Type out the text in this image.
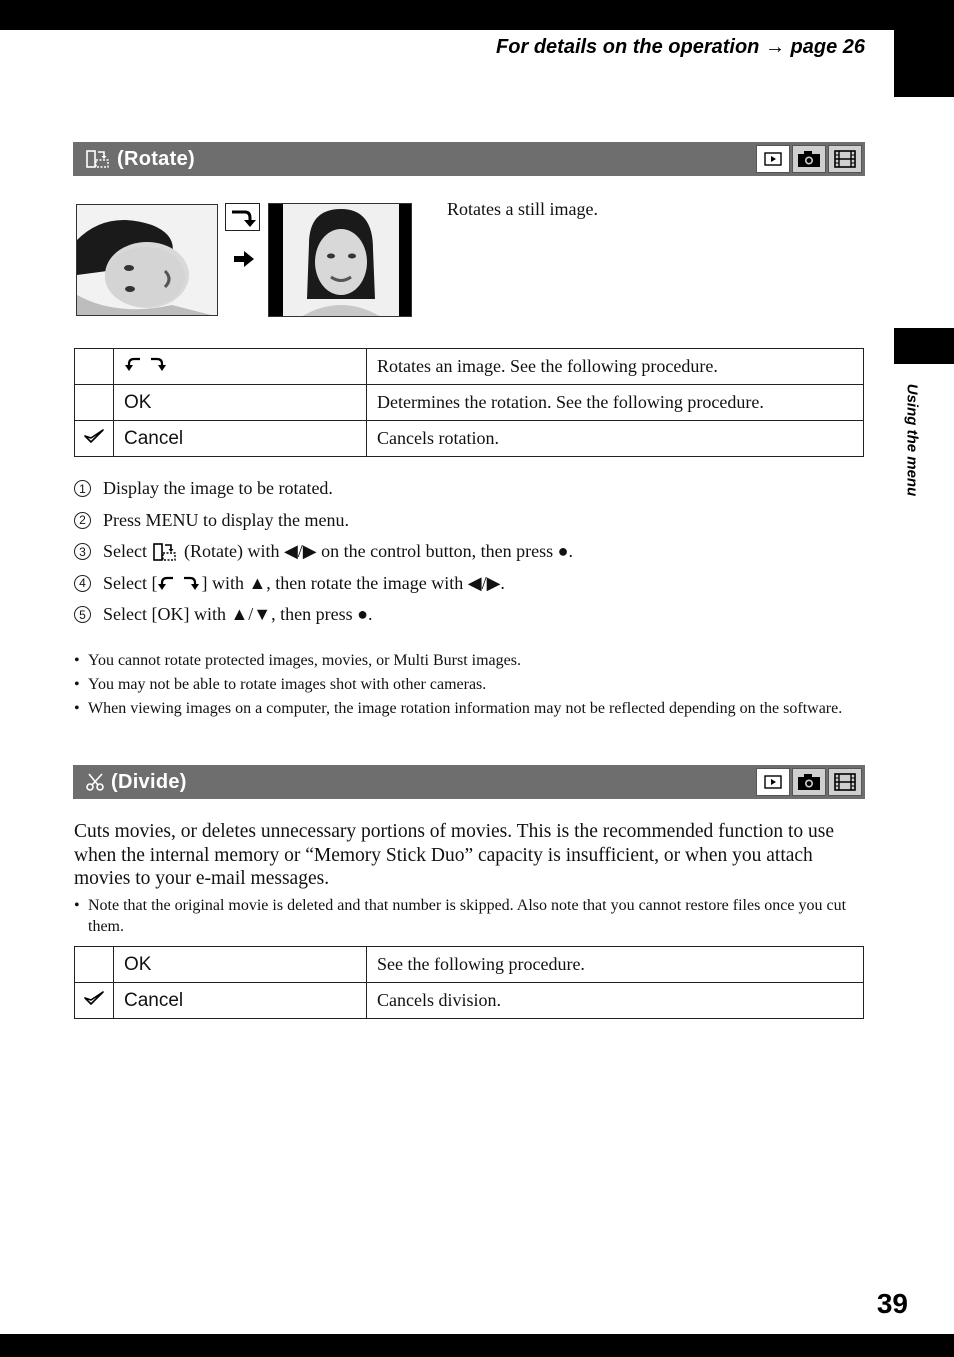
Using the menu
For details on the operation → page 26
39
(Rotate)
Rotates a still image.
		Rotates an image. See the following procedure.
	OK	Determines the rotation. See the following procedure.
	Cancel	Cancels rotation.
1 Display the image to be rotated.
2 Press MENU to display the menu.
3 Select (Rotate) with ◀/▶ on the control button, then press ●.
4 Select [ ] with ▲, then rotate the image with ◀/▶.
5 Select [OK] with ▲/▼, then press ●.
• You cannot rotate protected images, movies, or Multi Burst images.
• You may not be able to rotate images shot with other cameras.
• When viewing images on a computer, the image rotation information may not be reflected depending on the software.
(Divide)
Cuts movies, or deletes unnecessary portions of movies. This is the recommended function to use when the internal memory or “Memory Stick Duo” capacity is insufficient, or when you attach movies to your e-mail messages.
• Note that the original movie is deleted and that number is skipped. Also note that you cannot restore files once you cut them.
	OK	See the following procedure.
	Cancel	Cancels division.
